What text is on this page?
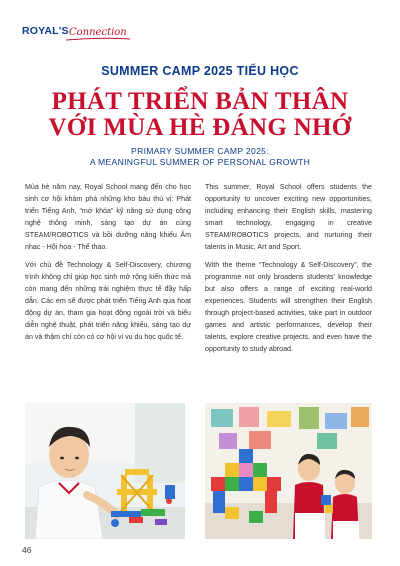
ROYAL'S Connection
SUMMER CAMP 2025 TIỂU HỌC
PHÁT TRIỂN BẢN THÂN
VỚI MÙA HÈ ĐÁNG NHỚ
PRIMARY SUMMER CAMP 2025:
A MEANINGFUL SUMMER OF PERSONAL GROWTH

Mùa hè năm nay, Royal School mang đến cho học sinh cơ hội khám phá những kho báu thú vị: Phát triển Tiếng Anh, “mở khóa” kỹ năng sử dụng công nghệ thông minh, sáng tạo dự án cùng STEAM/ROBOTICS và bồi dưỡng năng khiếu Âm nhạc - Hội họa - Thể thao.

Với chủ đề Technology & Self-Discovery, chương trình không chỉ giúp học sinh mở rộng kiến thức mà còn mang đến những trải nghiệm thực tế đầy hấp dẫn. Các em sẽ được phát triển Tiếng Anh qua hoạt động dự án, tham gia hoạt động ngoài trời và biểu diễn nghệ thuật, phát triển năng khiếu, sáng tạo dự án và thậm chí còn có cơ hội vi vu du học quốc tế.

This summer, Royal School offers students the opportunity to uncover exciting new opportunities, including enhancing their English skills, mastering smart technology, engaging in creative STEAM/ROBOTICS projects, and nurturing their talents in Music, Art and Sport.

With the theme “Technology & Self-Discovery”, the programme not only broadens students’ knowledge but also offers a range of exciting real-world experiences. Students will strengthen their English through project-based activities, take part in outdoor games and artistic performances, develop their talents, explore creative projects, and even have the opportunity to study abroad.

46
